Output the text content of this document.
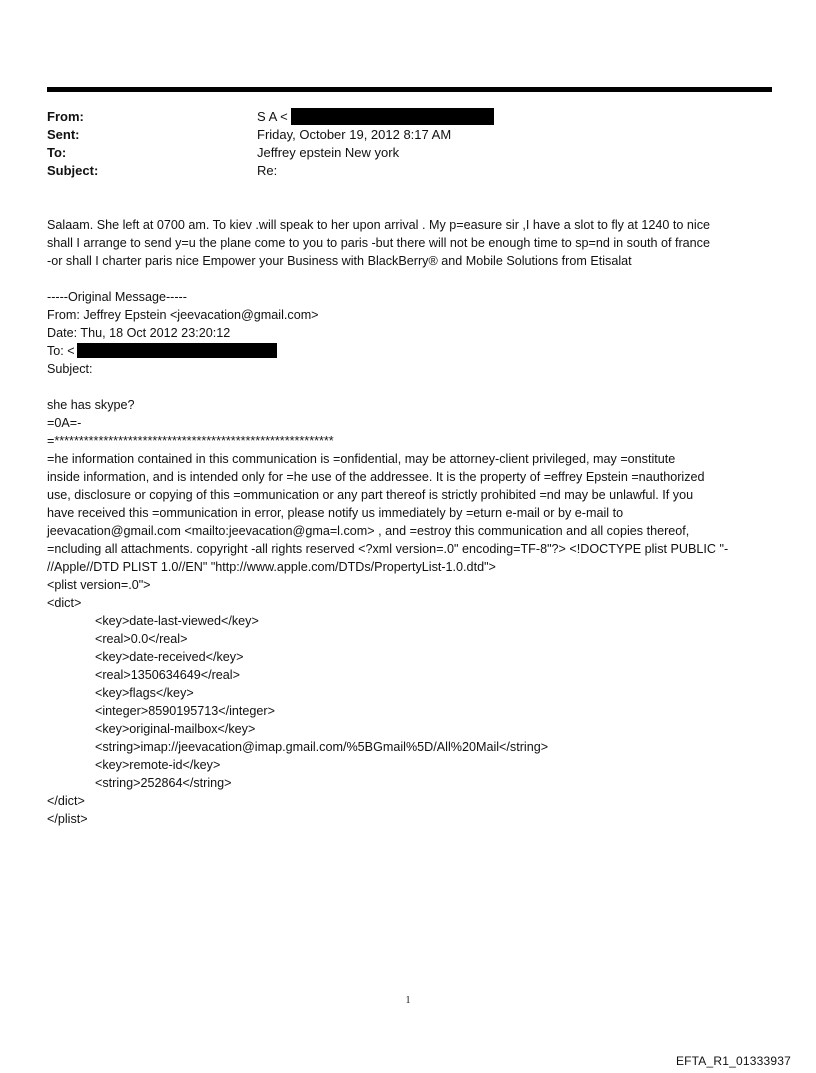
From:	S A <
Sent:	Friday, October 19, 2012 8:17 AM
To:	Jeffrey epstein New york
Subject:	Re:
Salaam. She left at 0700 am. To kiev .will speak to her upon arrival . My p=easure sir ,I have a slot to fly at 1240 to nice
shall I arrange to send y=u the plane come to you to paris -but there will not be enough time to sp=nd in south of france
-or shall I charter paris nice Empower your Business with BlackBerry® and Mobile Solutions from Etisalat
-----Original Message-----
From: Jeffrey Epstein <jeevacation@gmail.com>
Date: Thu, 18 Oct 2012 23:20:12
To: <
Subject:
she has skype?
=0A=-
=*********************************************************
=he information contained in this communication is =onfidential, may be attorney-client privileged, may =onstitute
inside information, and is intended only for =he use of the addressee. It is the property of =effrey Epstein =nauthorized
use, disclosure or copying of this =ommunication or any part thereof is strictly prohibited =nd may be unlawful. If you
have received this =ommunication in error, please notify us immediately by =eturn e-mail or by e-mail to
jeevacation@gmail.com <mailto:jeevacation@gma=l.com> , and =estroy this communication and all copies thereof,
=ncluding all attachments. copyright -all rights reserved <?xml version=.0" encoding=TF-8"?> <!DOCTYPE plist PUBLIC "-
//Apple//DTD PLIST 1.0//EN" "http://www.apple.com/DTDs/PropertyList-1.0.dtd">
<plist version=.0">
<dict>
<key>date-last-viewed</key>
<real>0.0</real>
<key>date-received</key>
<real>1350634649</real>
<key>flags</key>
<integer>8590195713</integer>
<key>original-mailbox</key>
<string>imap://jeevacation@imap.gmail.com/%5BGmail%5D/All%20Mail</string>
<key>remote-id</key>
<string>252864</string>
</dict>
</plist>
1
EFTA_R1_01333937
